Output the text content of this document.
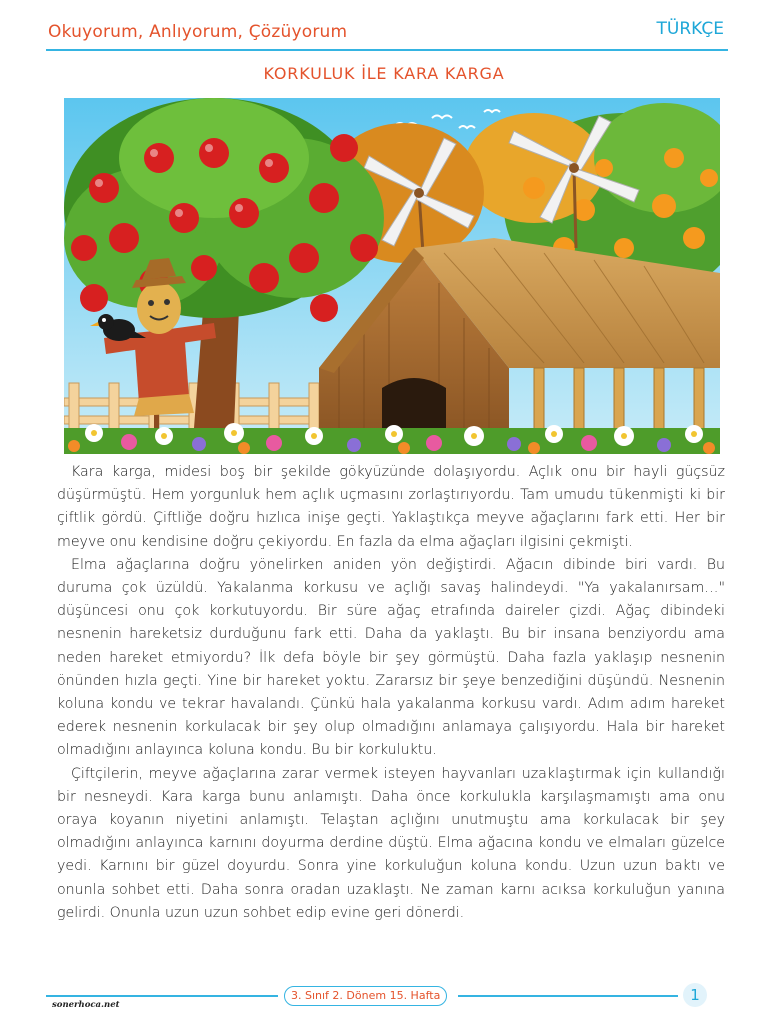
Okuyorum, Anlıyorum, Çözüyorum	TÜRKÇE
KORKULUK İLE KARA KARGA

Kara karga, midesi boş bir şekilde gökyüzünde dolaşıyordu. Açlık onu bir hayli güçsüz düşürmüştü. Hem yorgunluk hem açlık uçmasını zorlaştırıyordu. Tam umudu tükenmişti ki bir çiftlik gördü. Çiftliğe doğru hızlıca inişe geçti. Yaklaştıkça meyve ağaçlarını fark etti. Her bir meyve onu kendisine doğru çekiyordu. En fazla da elma ağaçları ilgisini çekmişti.

Elma ağaçlarına doğru yönelirken aniden yön değiştirdi. Ağacın dibinde biri vardı. Bu duruma çok üzüldü. Yakalanma korkusu ve açlığı savaş halindeydi. "Ya yakalanırsam…" düşüncesi onu çok korkutuyordu. Bir süre ağaç etrafında daireler çizdi. Ağaç dibindeki nesnenin hareketsiz durduğunu fark etti. Daha da yaklaştı. Bu bir insana benziyordu ama neden hareket etmiyordu? İlk defa böyle bir şey görmüştü. Daha fazla yaklaşıp nesnenin önünden hızla geçti. Yine bir hareket yoktu. Zararsız bir şeye benzediğini düşündü. Nesnenin koluna kondu ve tekrar havalandı. Çünkü hala yakalanma korkusu vardı. Adım adım hareket ederek nesnenin korkulacak bir şey olup olmadığını anlamaya çalışıyordu. Hala bir hareket olmadığını anlayınca koluna kondu. Bu bir korkuluktu.

Çiftçilerin, meyve ağaçlarına zarar vermek isteyen hayvanları uzaklaştırmak için kullandığı bir nesneydi. Kara karga bunu anlamıştı. Daha önce korkulukla karşılaşmamıştı ama onu oraya koyanın niyetini anlamıştı. Telaştan açlığını unutmuştu ama korkulacak bir şey olmadığını anlayınca karnını doyurma derdine düştü. Elma ağacına kondu ve elmaları güzelce yedi. Karnını bir güzel doyurdu. Sonra yine korkuluğun koluna kondu. Uzun uzun baktı ve onunla sohbet etti. Daha sonra oradan uzaklaştı. Ne zaman karnı acıksa korkuluğun yanına gelirdi. Onunla uzun uzun sohbet edip evine geri dönerdi.

sonerhoca.net
3. Sınıf 2. Dönem 15. Hafta	1
